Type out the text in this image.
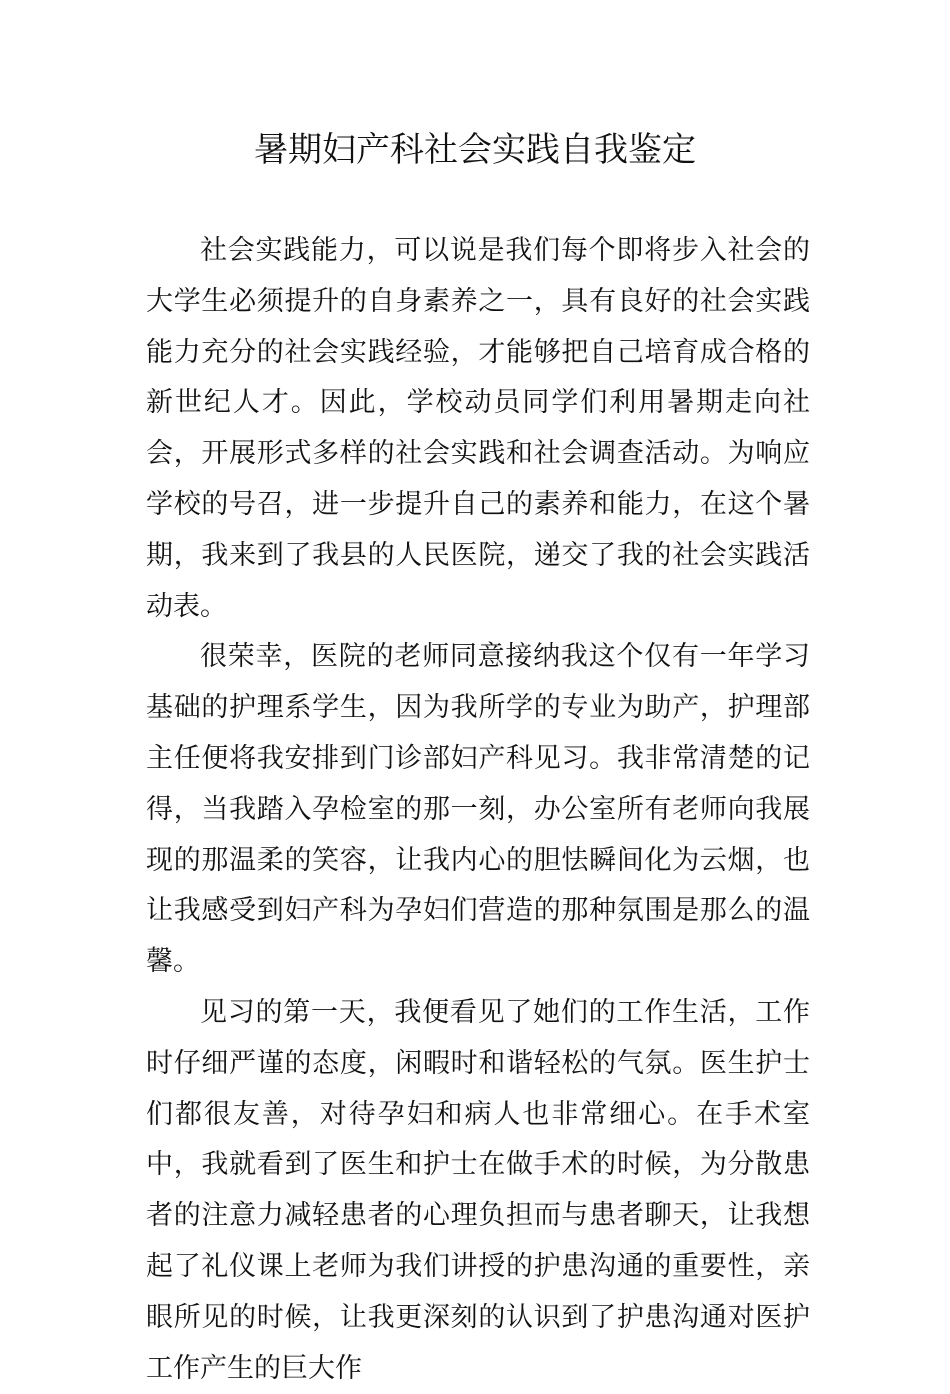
暑期妇产科社会实践自我鉴定

社会实践能力，可以说是我们每个即将步入社会的大学生必须提升的自身素养之一，具有良好的社会实践能力充分的社会实践经验，才能够把自己培育成合格的新世纪人才。因此，学校动员同学们利用暑期走向社会，开展形式多样的社会实践和社会调查活动。为响应学校的号召，进一步提升自己的素养和能力，在这个暑期，我来到了我县的人民医院，递交了我的社会实践活动表。

很荣幸，医院的老师同意接纳我这个仅有一年学习基础的护理系学生，因为我所学的专业为助产，护理部主任便将我安排到门诊部妇产科见习。我非常清楚的记得，当我踏入孕检室的那一刻，办公室所有老师向我展现的那温柔的笑容，让我内心的胆怯瞬间化为云烟，也让我感受到妇产科为孕妇们营造的那种氛围是那么的温馨。

见习的第一天，我便看见了她们的工作生活，工作时仔细严谨的态度，闲暇时和谐轻松的气氛。医生护士们都很友善，对待孕妇和病人也非常细心。在手术室中，我就看到了医生和护士在做手术的时候，为分散患者的注意力减轻患者的心理负担而与患者聊天，让我想起了礼仪课上老师为我们讲授的护患沟通的重要性，亲眼所见的时候，让我更深刻的认识到了护患沟通对医护工作产生的巨大作
